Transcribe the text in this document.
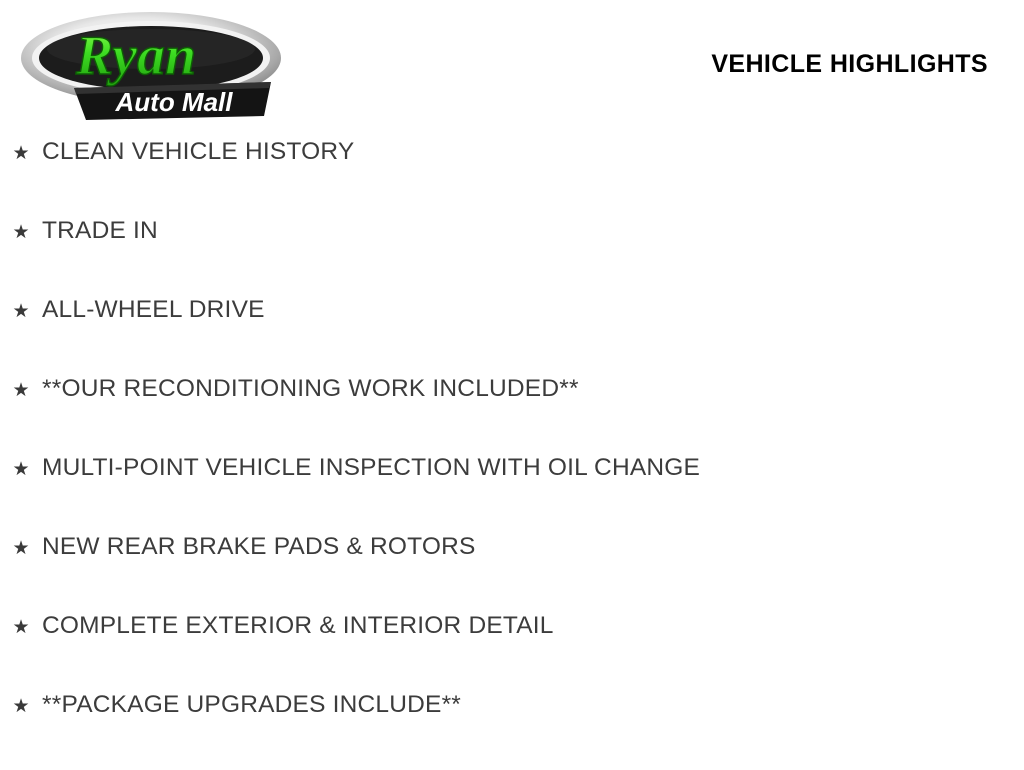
Ryan
Auto Mall
VEHICLE HIGHLIGHTS
★ CLEAN VEHICLE HISTORY
★ TRADE IN
★ ALL-WHEEL DRIVE
★ **OUR RECONDITIONING WORK INCLUDED**
★ MULTI-POINT VEHICLE INSPECTION WITH OIL CHANGE
★ NEW REAR BRAKE PADS & ROTORS
★ COMPLETE EXTERIOR & INTERIOR DETAIL
★ **PACKAGE UPGRADES INCLUDE**
